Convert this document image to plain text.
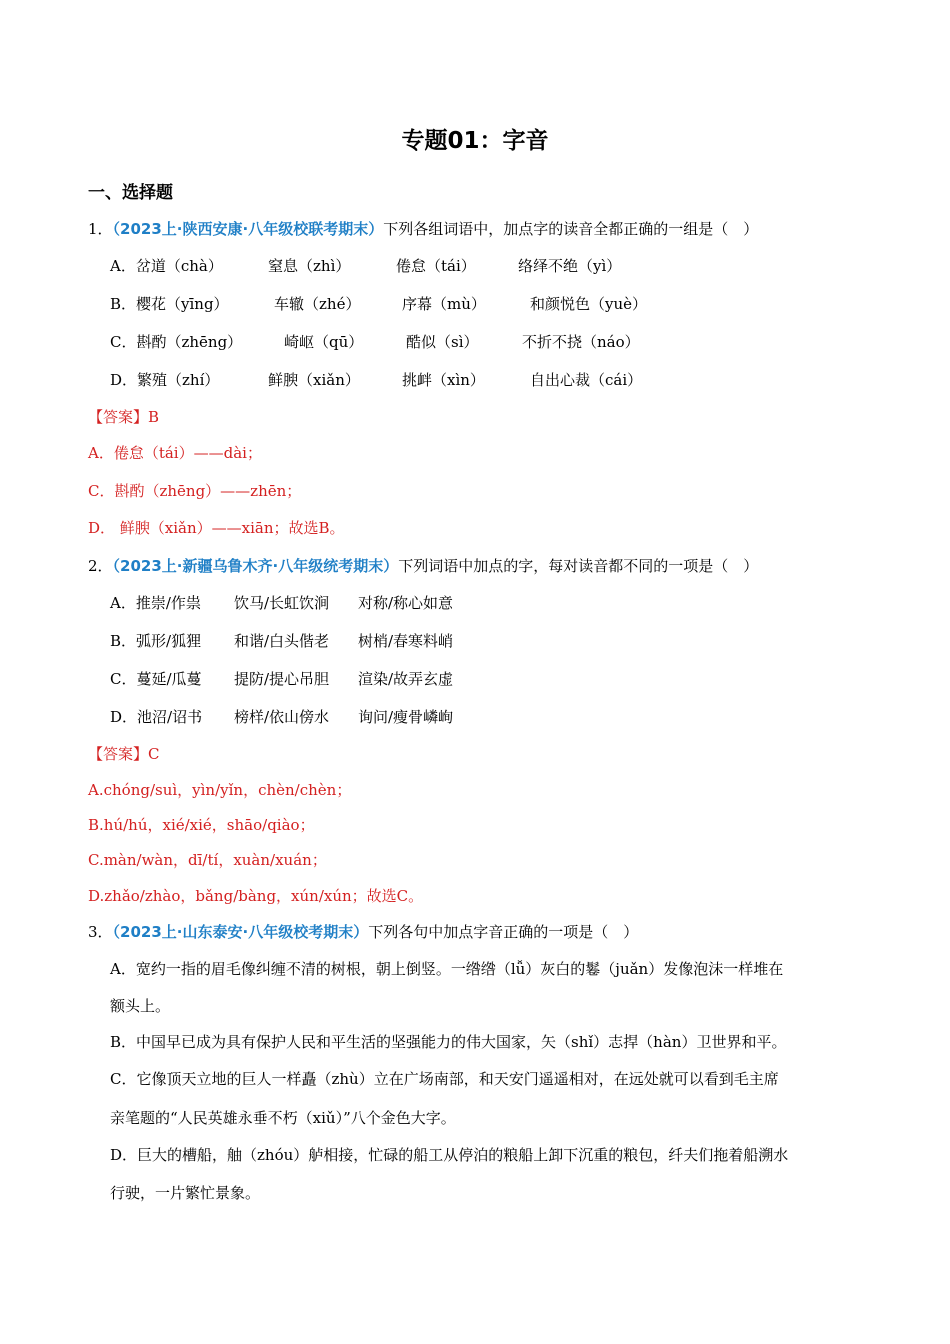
专题01：字音
一、选择题
1．（2023上·陕西安康·八年级校联考期末）下列各组词语中，加点字的读音全都正确的一组是（　）
A．岔道（chà）	窒息（zhì）	倦怠（tái）	络绎不绝（yì）
B．樱花（yīng）	车辙（zhé）	序幕（mù）	和颜悦色（yuè）
C．斟酌（zhēng）	崎岖（qū）	酷似（sì）	不折不挠（náo）
D．繁殖（zhí）	鲜腴（xiǎn）	挑衅（xìn）	自出心裁（cái）
【答案】B
A．倦怠（tái）——dài；
C．斟酌（zhēng）——zhēn；
D． 鲜腴（xiǎn）——xiān；故选B。
2．（2023上·新疆乌鲁木齐·八年级统考期末）下列词语中加点的字，每对读音都不同的一项是（　）
A．推崇/作祟 饮马/长虹饮涧 对称/称心如意
B．弧形/狐狸 和谐/白头偕老 树梢/春寒料峭
C．蔓延/瓜蔓 提防/提心吊胆 渲染/故弄玄虚
D．池沼/诏书 榜样/依山傍水 询问/瘦骨嶙峋
【答案】C
A.chóng/suì，yìn/yǐn，chèn/chèn；
B.hú/hú，xié/xié，shāo/qiào；
C.màn/wàn，dī/tí，xuàn/xuán；
D.zhǎo/zhào，bǎng/bàng，xún/xún；故选C。
3．（2023上·山东泰安·八年级校考期末）下列各句中加点字音正确的一项是（　）
A．宽约一指的眉毛像纠缠不清的树根，朝上倒竖。一绺绺（lǚ）灰白的鬈（juǎn）发像泡沫一样堆在
额头上。
B．中国早已成为具有保护人民和平生活的坚强能力的伟大国家，矢（shǐ）志捍（hàn）卫世界和平。
C．它像顶天立地的巨人一样矗（zhù）立在广场南部，和天安门遥遥相对，在远处就可以看到毛主席
亲笔题的“人民英雄永垂不朽（xiǔ）”八个金色大字。
D．巨大的槽船，舳（zhóu）舻相接，忙碌的船工从停泊的粮船上卸下沉重的粮包，纤夫们拖着船溯水
行驶，一片繁忙景象。
